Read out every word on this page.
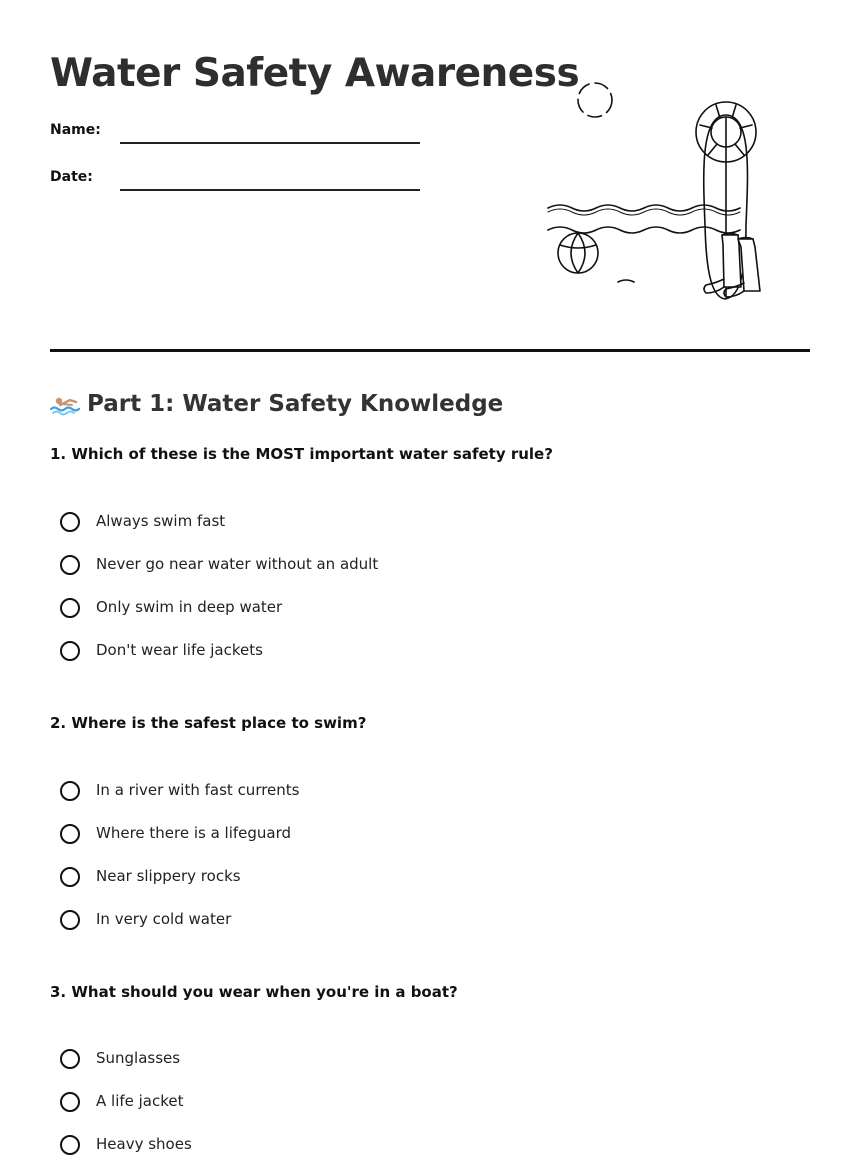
Water Safety Awareness
Name:
Date:
Part 1: Water Safety Knowledge

1. Which of these is the MOST important water safety rule?

Always swim fast
Never go near water without an adult
Only swim in deep water
Don't wear life jackets

2. Where is the safest place to swim?

In a river with fast currents
Where there is a lifeguard
Near slippery rocks
In very cold water

3. What should you wear when you're in a boat?

Sunglasses
A life jacket
Heavy shoes
